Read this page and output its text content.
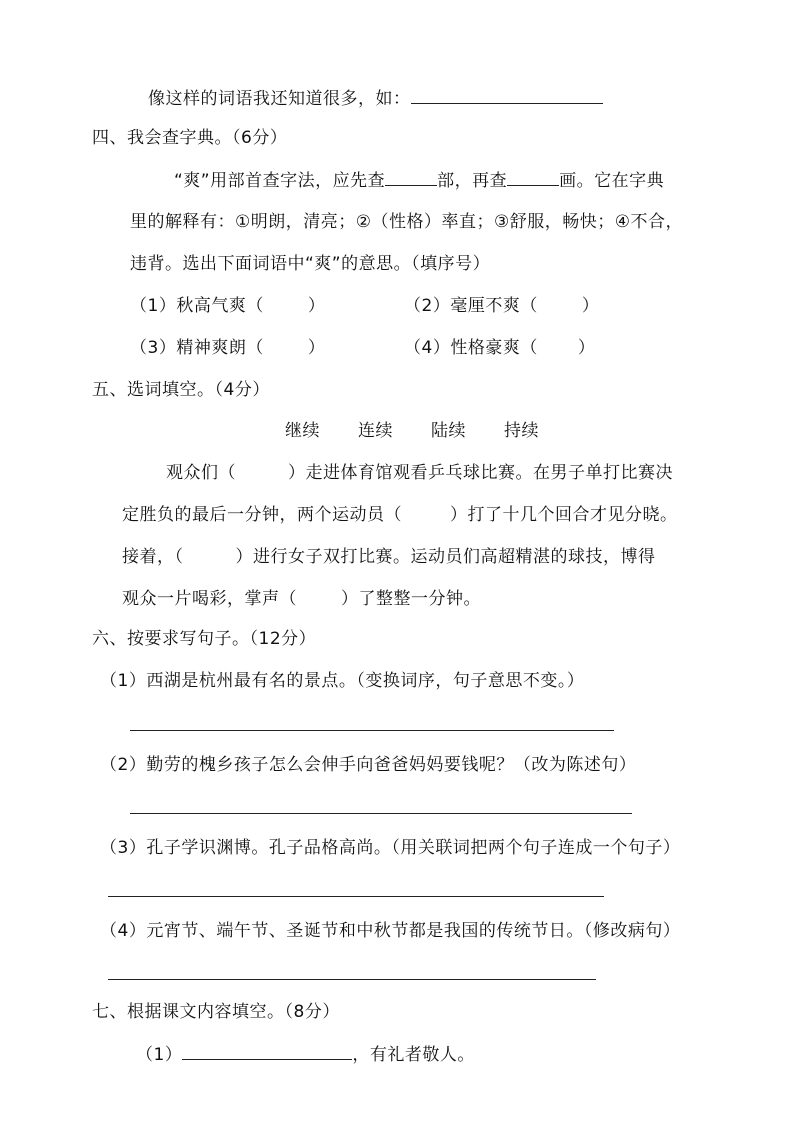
像这样的词语我还知道很多，如：
四、我会查字典。（6分）
“爽”用部首查字法，应先查	部，再查	画。它在字典
里的解释有：①明朗，清亮；②（性格）率直；③舒服，畅快；④不合，
违背。选出下面词语中“爽”的意思。（填序号）
（1）秋高气爽（	）	（2）毫厘不爽（	）
（3）精神爽朗（	）	（4）性格豪爽（ ）
五、选词填空。（4分）
继续 连续 陆续 持续
观众们（	）走进体育馆观看乒乓球比赛。在男子单打比赛决
定胜负的最后一分钟，两个运动员（	）打了十几个回合才见分晓。
接着，（	）进行女子双打比赛。运动员们高超精湛的球技，博得
观众一片喝彩，掌声（	）了整整一分钟。
六、按要求写句子。（12分）
（1）西湖是杭州最有名的景点。（变换词序，句子意思不变。）
（2）勤劳的槐乡孩子怎么会伸手向爸爸妈妈要钱呢？（改为陈述句）
（3）孔子学识渊博。孔子品格高尚。（用关联词把两个句子连成一个句子）
（4）元宵节、端午节、圣诞节和中秋节都是我国的传统节日。（修改病句）
七、根据课文内容填空。（8分）
（1）	，有礼者敬人。
